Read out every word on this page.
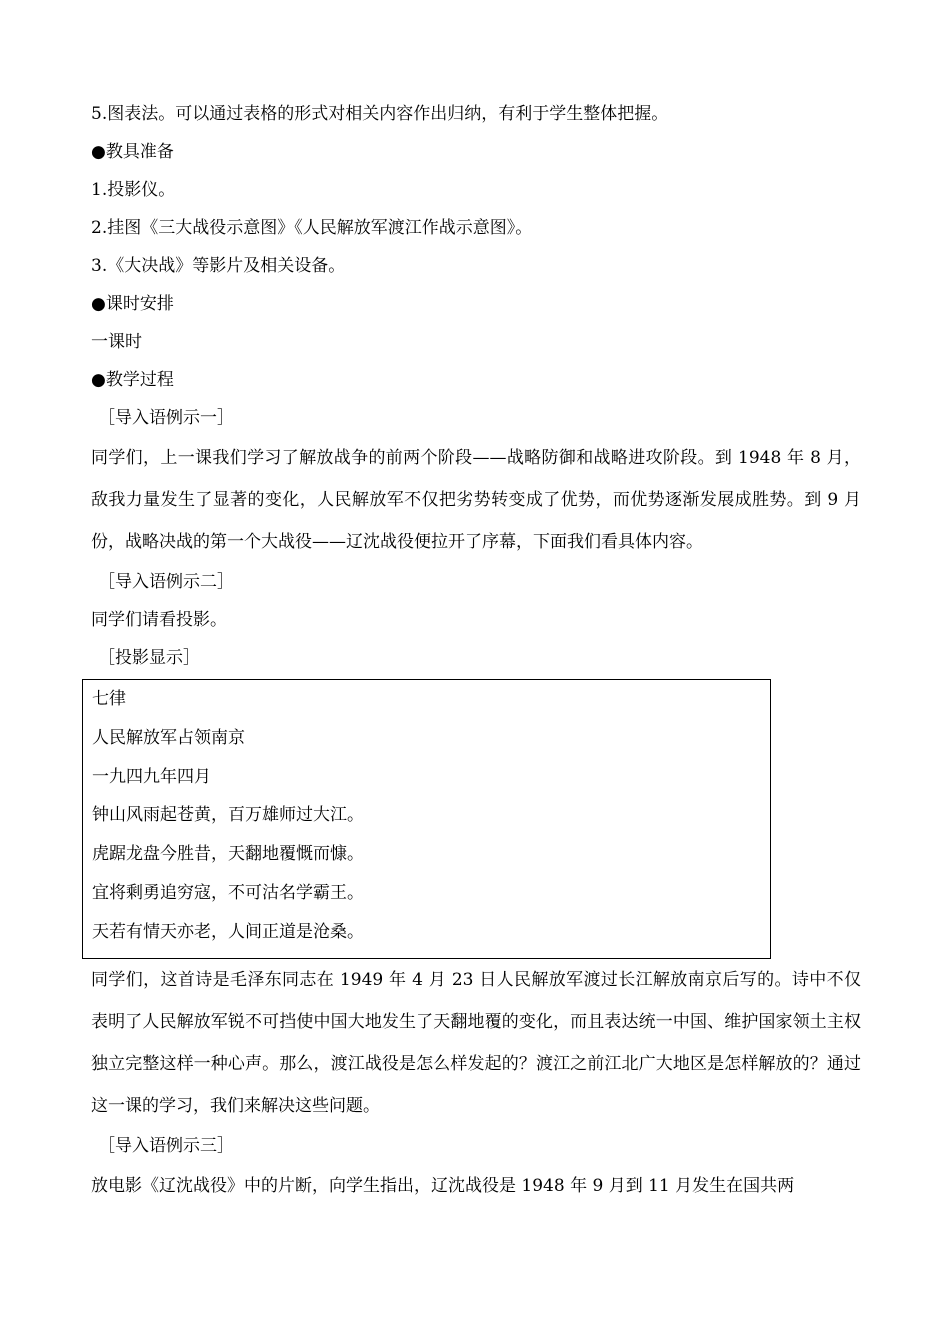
5.图表法。可以通过表格的形式对相关内容作出归纳，有利于学生整体把握。

●教具准备

1.投影仪。

2.挂图《三大战役示意图》《人民解放军渡江作战示意图》。

3.《大决战》等影片及相关设备。

●课时安排

一课时

●教学过程

［导入语例示一］

同学们，上一课我们学习了解放战争的前两个阶段——战略防御和战略进攻阶段。到 1948 年 8 月，敌我力量发生了显著的变化，人民解放军不仅把劣势转变成了优势，而优势逐渐发展成胜势。到 9 月份，战略决战的第一个大战役——辽沈战役便拉开了序幕，下面我们看具体内容。

［导入语例示二］

同学们请看投影。

［投影显示］

七律

人民解放军占领南京

一九四九年四月

钟山风雨起苍黄，百万雄师过大江。

虎踞龙盘今胜昔，天翻地覆慨而慷。

宜将剩勇追穷寇，不可沽名学霸王。

天若有情天亦老，人间正道是沧桑。

同学们，这首诗是毛泽东同志在 1949 年 4 月 23 日人民解放军渡过长江解放南京后写的。诗中不仅表明了人民解放军锐不可挡使中国大地发生了天翻地覆的变化，而且表达统一中国、维护国家领土主权独立完整这样一种心声。那么，渡江战役是怎么样发起的？渡江之前江北广大地区是怎样解放的？通过这一课的学习，我们来解决这些问题。

［导入语例示三］

放电影《辽沈战役》中的片断，向学生指出，辽沈战役是 1948 年 9 月到 11 月发生在国共两
